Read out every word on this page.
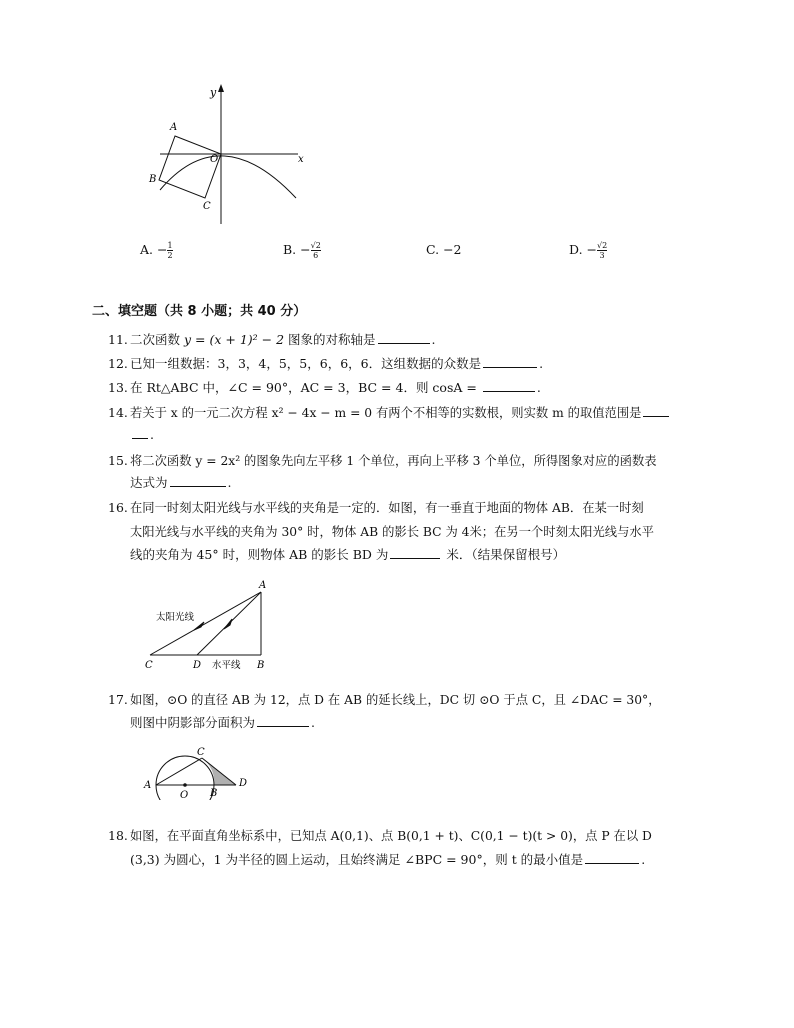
y
x
O
A
B
C
A. − $\frac{1}{2}$	B. − $\frac{√2}{6}$	C. −2	D. − $\frac{√2}{3}$
二、填空题（共 8 小题；共 40 分）
11. 二次函数 y = (x + 1)² − 2 图象的对称轴是	.
12. 已知一组数据：3，3，4，5，5，6，6，6．这组数据的众数是	.
13. 在 Rt△ABC 中，∠C = 90°，AC = 3，BC = 4．则 cosA =	.
14. 若关于 x 的一元二次方程 x² − 4x − m = 0 有两个不相等的实数根，则实数 m 的取值范围是
.
15. 将二次函数 y = 2x² 的图象先向左平移 1 个单位，再向上平移 3 个单位，所得图象对应的函数表
达式为	.
16. 在同一时刻太阳光线与水平线的夹角是一定的．如图，有一垂直于地面的物体 AB．在某一时刻
太阳光线与水平线的夹角为 30° 时，物体 AB 的影长 BC 为 4米；在另一个时刻太阳光线与水平
线的夹角为 45° 时，则物体 AB 的影长 BD 为	米．（结果保留根号）
太阳光线
水平线
A
B
C	D
17. 如图，⊙O 的直径 AB 为 12，点 D 在 AB 的延长线上，DC 切 ⊙O 于点 C，且 ∠DAC = 30°，
则图中阴影部分面积为	.
A
O B
C
D
18. 如图，在平面直角坐标系中，已知点 A(0,1)、点 B(0,1 + t)、C(0,1 − t)(t > 0)，点 P 在以 D
(3,3) 为圆心，1 为半径的圆上运动，且始终满足 ∠BPC = 90°，则 t 的最小值是	.
